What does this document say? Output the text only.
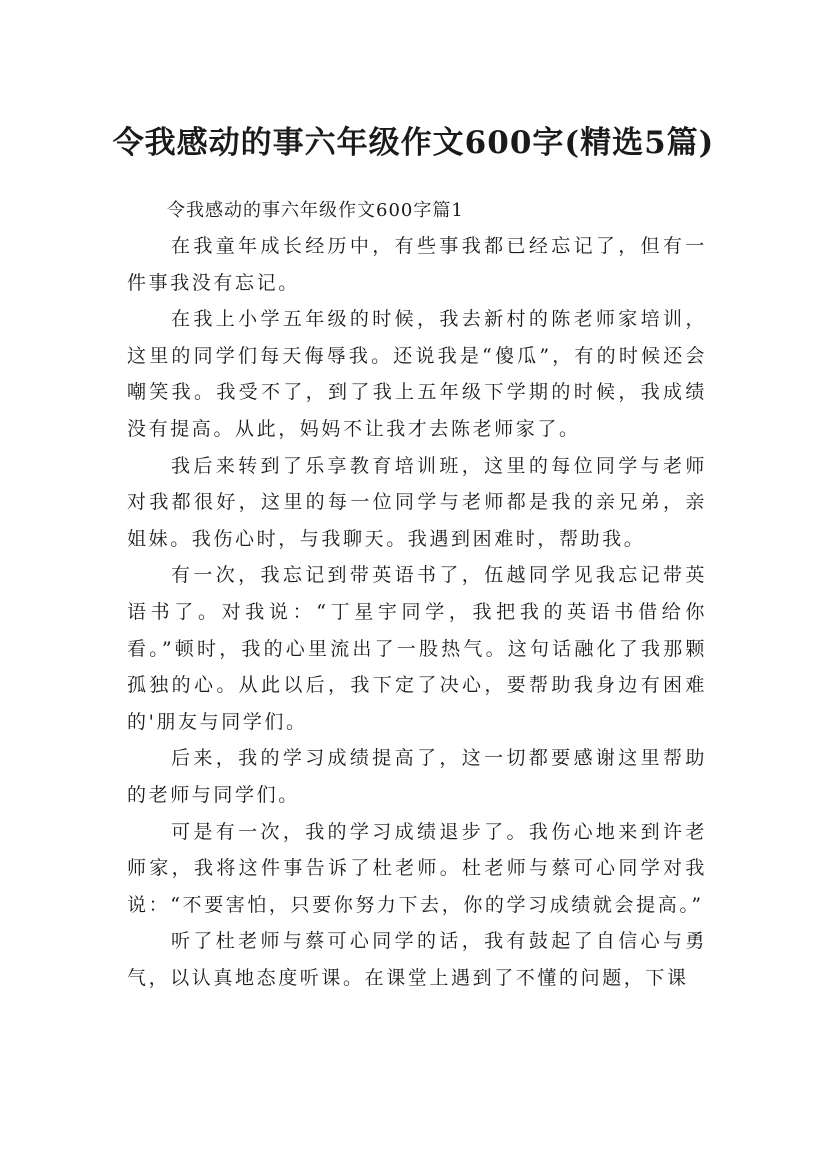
令我感动的事六年级作文600字(精选5篇)

令我感动的事六年级作文600字篇1

在我童年成长经历中，有些事我都已经忘记了，但有一件事我没有忘记。

在我上小学五年级的时候，我去新村的陈老师家培训，这里的同学们每天侮辱我。还说我是“傻瓜”，有的时候还会嘲笑我。我受不了，到了我上五年级下学期的时候，我成绩没有提高。从此，妈妈不让我才去陈老师家了。

我后来转到了乐享教育培训班，这里的每位同学与老师对我都很好，这里的每一位同学与老师都是我的亲兄弟，亲姐妹。我伤心时，与我聊天。我遇到困难时，帮助我。

有一次，我忘记到带英语书了，伍越同学见我忘记带英语书了。对我说：“丁星宇同学，我把我的英语书借给你看。”顿时，我的心里流出了一股热气。这句话融化了我那颗孤独的心。从此以后，我下定了决心，要帮助我身边有困难的'朋友与同学们。

后来，我的学习成绩提高了，这一切都要感谢这里帮助的老师与同学们。

可是有一次，我的学习成绩退步了。我伤心地来到许老师家，我将这件事告诉了杜老师。杜老师与蔡可心同学对我说：“不要害怕，只要你努力下去，你的学习成绩就会提高。”

听了杜老师与蔡可心同学的话，我有鼓起了自信心与勇气，以认真地态度听课。在课堂上遇到了不懂的问题，下课
